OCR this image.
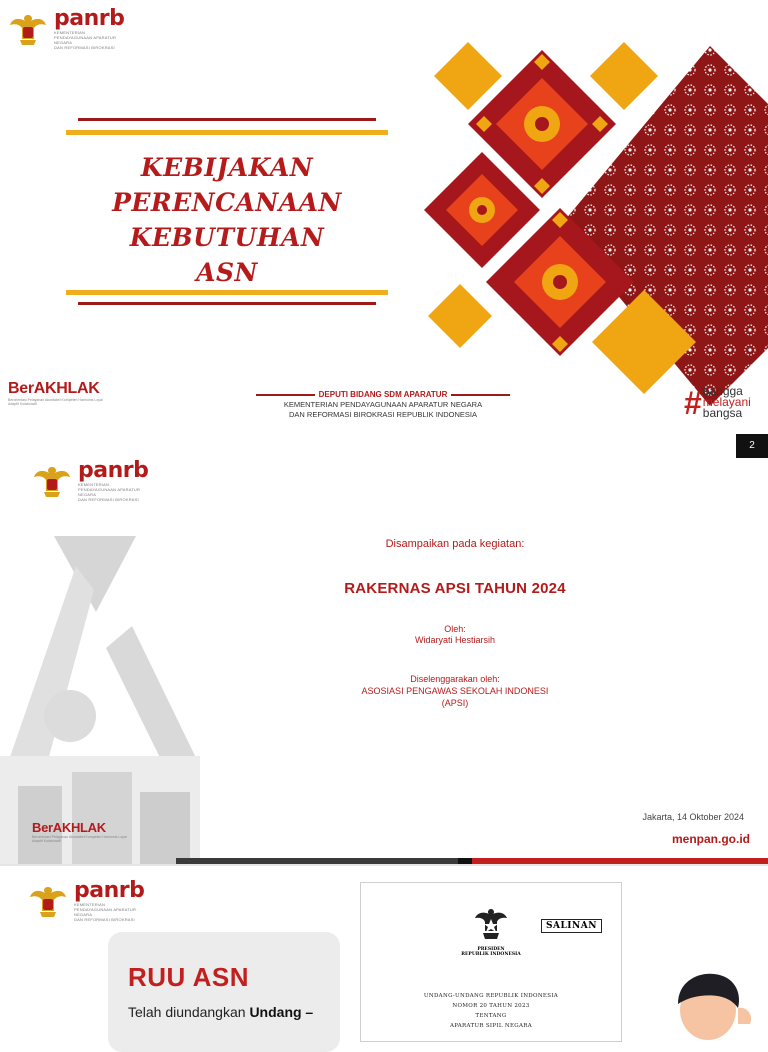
panrb
KEMENTERIAN
PENDAYAGUNAAN APARATUR NEGARA
DAN REFORMASI BIROKRASI
KEBIJAKAN
PERENCANAAN
KEBUTUHAN
ASN
BerAKHLAK
Berorientasi Pelayanan Akuntabel Kompeten Harmonis Loyal Adaptif Kolaboratif
DEPUTI BIDANG SDM APARATUR
KEMENTERIAN PENDAYAGUNAAN APARATUR NEGARA
DAN REFORMASI BIROKRASI REPUBLIK INDONESIA	# bangga
melayani
bangsa
2
panrb
KEMENTERIAN
PENDAYAGUNAAN APARATUR NEGARA
DAN REFORMASI BIROKRASI
Disampaikan pada kegiatan:
RAKERNAS APSI TAHUN 2024
Oleh:
Widaryati Hestiarsih
Diselenggarakan oleh:
ASOSIASI PENGAWAS SEKOLAH INDONESI
(APSI)
BerAKHLAK
Berorientasi Pelayanan Akuntabel Kompeten Harmonis Loyal Adaptif Kolaboratif
Jakarta, 14 Oktober 2024
menpan.go.id
panrb
KEMENTERIAN
PENDAYAGUNAAN APARATUR NEGARA
DAN REFORMASI BIROKRASI
RUU ASN
Telah diundangkan Undang –
SALINAN
PRESIDEN
REPUBLIK INDONESIA
UNDANG-UNDANG REPUBLIK INDONESIA
NOMOR 20 TAHUN 2023
TENTANG
APARATUR SIPIL NEGARA
